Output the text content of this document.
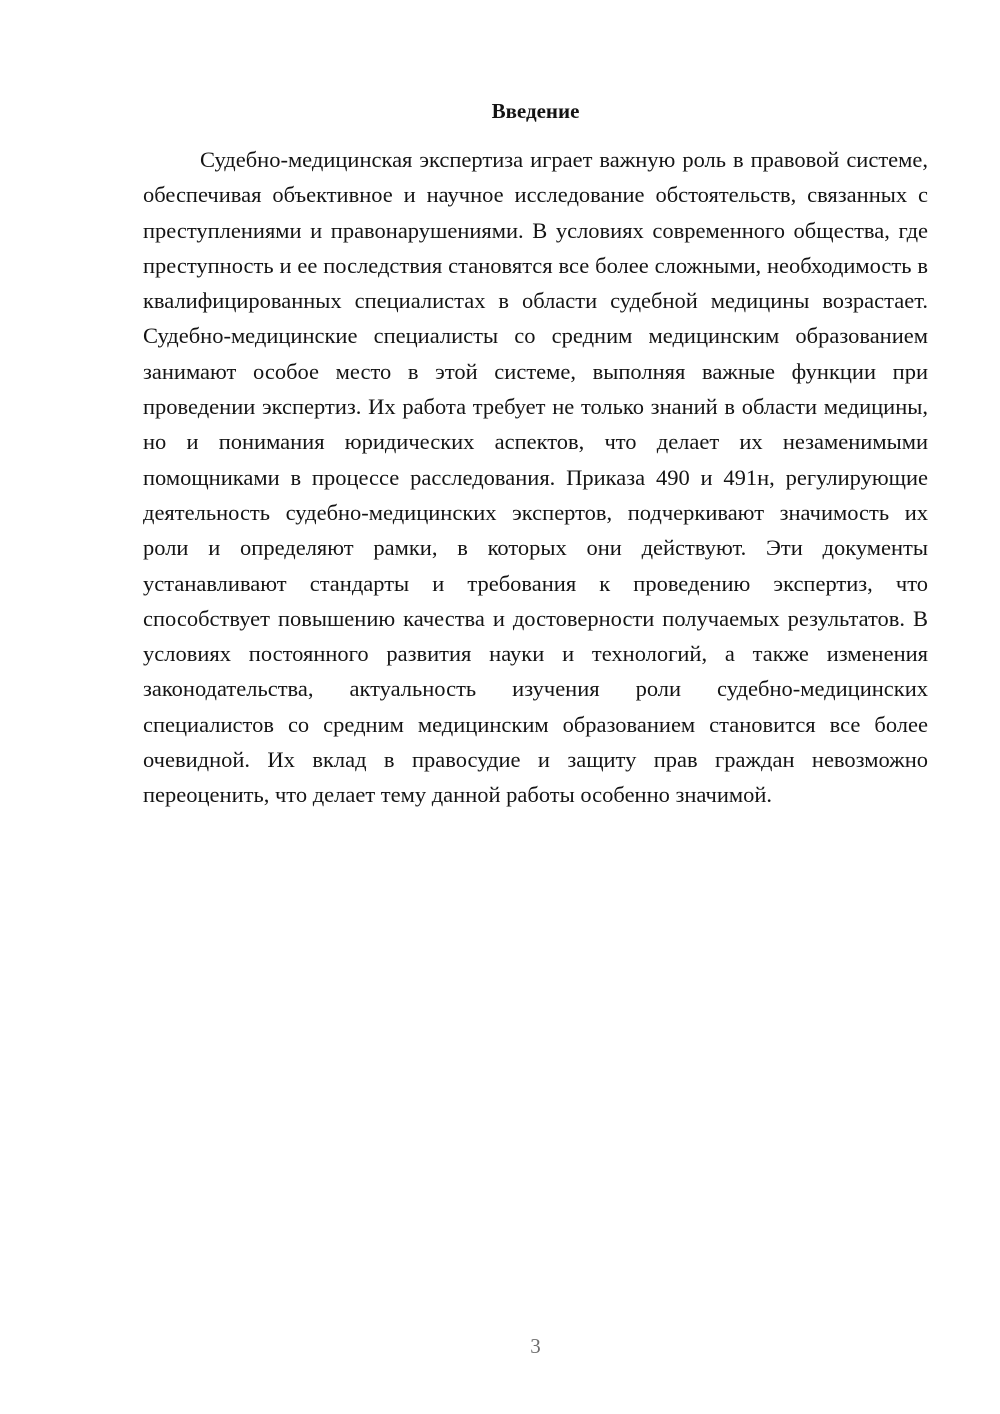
Введение

Судебно-медицинская экспертиза играет важную роль в правовой системе, обеспечивая объективное и научное исследование обстоятельств, связанных с преступлениями и правонарушениями. В условиях современного общества, где преступность и ее последствия становятся все более сложными, необходимость в квалифицированных специалистах в области судебной медицины возрастает. Судебно-медицинские специалисты со средним медицинским образованием занимают особое место в этой системе, выполняя важные функции при проведении экспертиз. Их работа требует не только знаний в области медицины, но и понимания юридических аспектов, что делает их незаменимыми помощниками в процессе расследования. Приказа 490 и 491н, регулирующие деятельность судебно-медицинских экспертов, подчеркивают значимость их роли и определяют рамки, в которых они действуют. Эти документы устанавливают стандарты и требования к проведению экспертиз, что способствует повышению качества и достоверности получаемых результатов. В условиях постоянного развития науки и технологий, а также изменения законодательства, актуальность изучения роли судебно-медицинских специалистов со средним медицинским образованием становится все более очевидной. Их вклад в правосудие и защиту прав граждан невозможно переоценить, что делает тему данной работы особенно значимой.

3
